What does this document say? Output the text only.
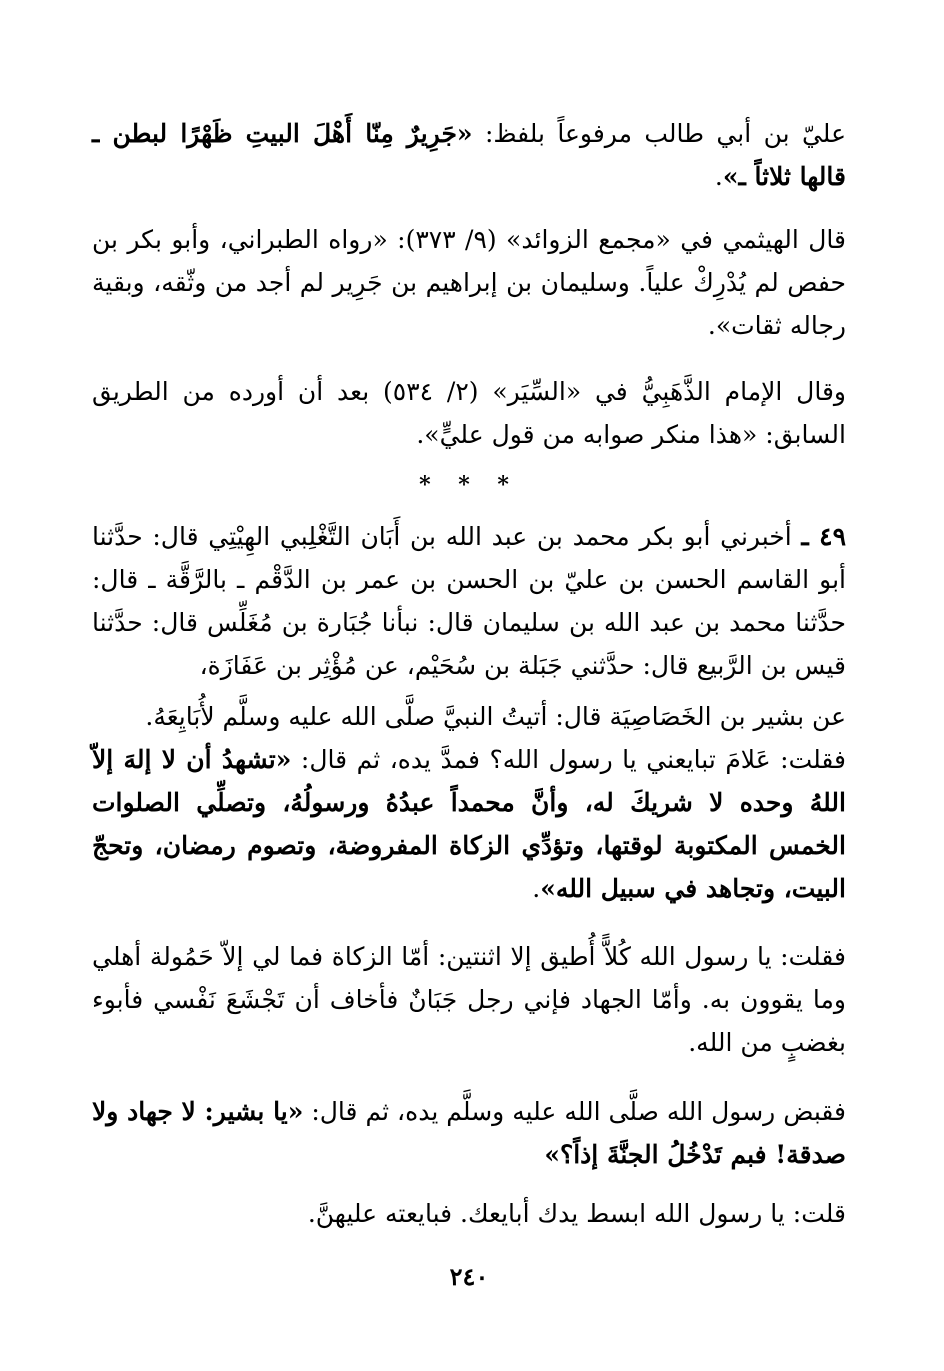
عليّ بن أبي طالب مرفوعاً بلفظ: «جَرِيرٌ مِنّا أَهْلَ البيتِ ظَهْرًا لبطن ـ قالها ثلاثاً ـ».

قال الهيثمي في «مجمع الزوائد» (٩/ ٣٧٣): «رواه الطبراني، وأبو بكر بن حفص لم يُدْرِكْ علياً. وسليمان بن إبراهيم بن جَرِير لم أجد من وثّقه، وبقية رجاله ثقات».

وقال الإمام الذَّهَبِيُّ في «السِّيَر» (٢/ ٥٣٤) بعد أن أورده من الطريق السابق: «هذا منكر صوابه من قول عليٍّ».

* * *

٤٩ ـ أخبرني أبو بكر محمد بن عبد الله بن أَبَان التَّغْلِبي الهِيْتِي قال: حدَّثنا أبو القاسم الحسن بن عليّ بن الحسن بن عمر بن الدَّقْم ـ بالرَّقَّة ـ قال: حدَّثنا محمد بن عبد الله بن سليمان قال: نبأنا جُبَارة بن مُغَلِّس قال: حدَّثنا قيس بن الرَّبيع قال: حدَّثني جَبَلة بن سُحَيْم، عن مُؤْثِر بن عَفَازَة،

عن بشير بن الخَصَاصِيَة قال: أتيتُ النبيَّ صلَّى الله عليه وسلَّم لأُبَايِعَهُ.

فقلت: عَلامَ تبايعني يا رسول الله؟ فمدَّ يده، ثم قال: «تشهدُ أن لا إلهَ إلاّ اللهُ وحده لا شريكَ له، وأنَّ محمداً عبدُهُ ورسولُهُ، وتصلِّي الصلوات الخمس المكتوبة لوقتها، وتؤدِّي الزكاة المفروضة، وتصوم رمضان، وتحجّ البيت، وتجاهد في سبيل الله».

فقلت: يا رسول الله كُلاًّ أُطيق إلا اثنتين: أمّا الزكاة فما لي إلاّ حَمُولة أهلي وما يقوون به. وأمّا الجهاد فإني رجل جَبَانٌ فأخاف أن تَجْشَعَ نَفْسي فأبوء بغضبٍ من الله.

فقبض رسول الله صلَّى الله عليه وسلَّم يده، ثم قال: «يا بشير: لا جهاد ولا صدقة! فبم تَدْخُلُ الجنَّةَ إذاً؟»

قلت: يا رسول الله ابسط يدك أبايعك. فبايعته عليهنَّ.

٢٤٠
